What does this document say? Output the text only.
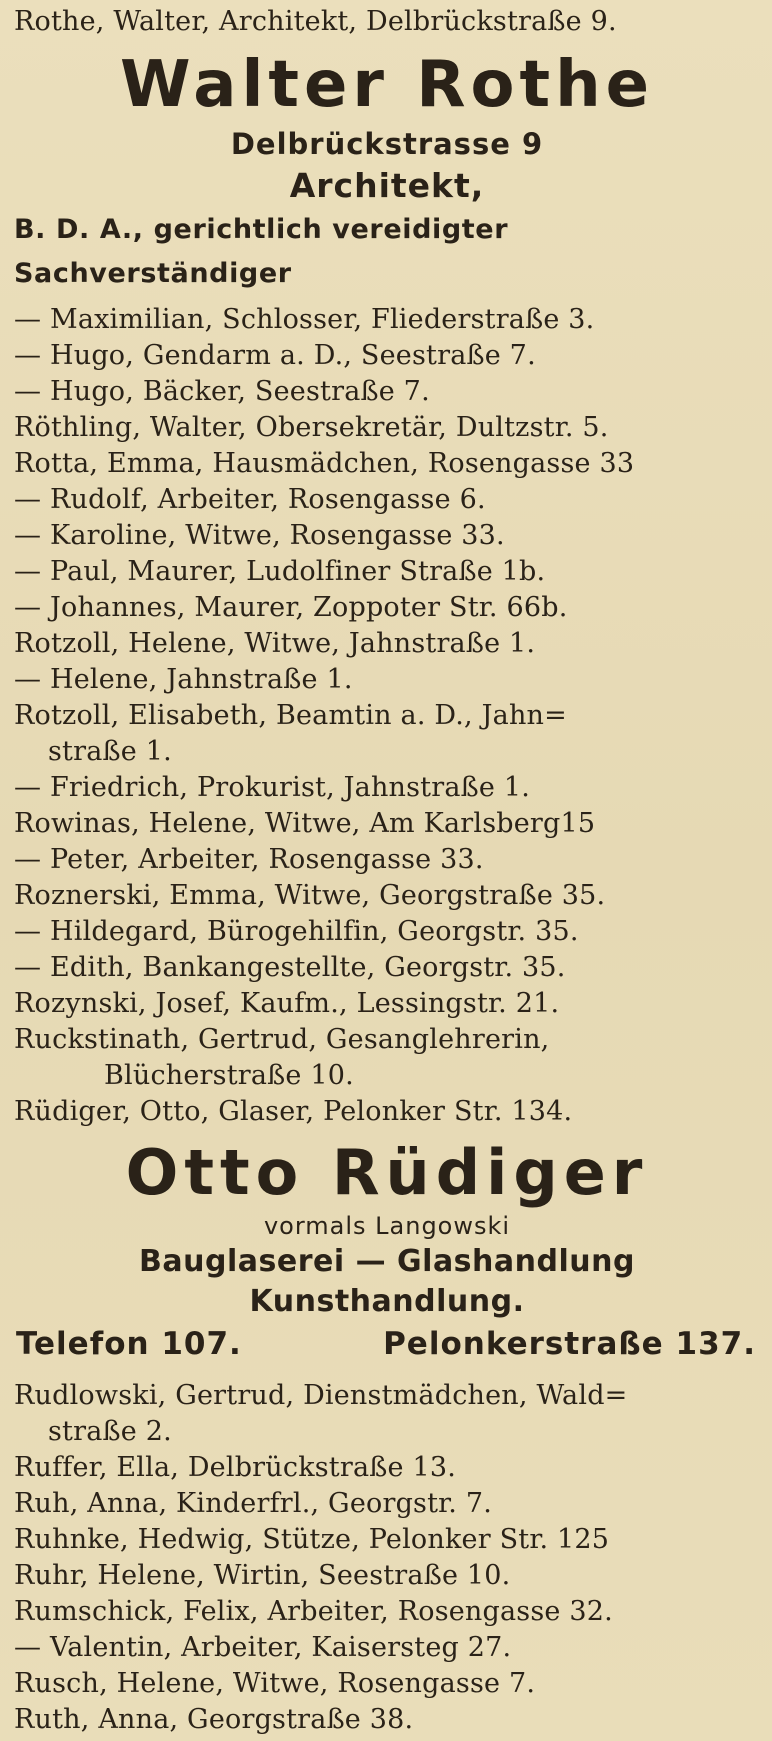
Rothe, Walter, Architekt, Delbrückstraße 9.
Walter Rothe
Delbrückstrasse 9
Architekt,
B. D. A., gerichtlich vereidigter Sachverständiger
— Maximilian, Schlosser, Fliederstraße 3.
— Hugo, Gendarm a. D., Seestraße 7.
— Hugo, Bäcker, Seestraße 7.
Röthling, Walter, Obersekretär, Dultzstr. 5.
Rotta, Emma, Hausmädchen, Rosengasse 33
— Rudolf, Arbeiter, Rosengasse 6.
— Karoline, Witwe, Rosengasse 33.
— Paul, Maurer, Ludolfiner Straße 1b.
— Johannes, Maurer, Zoppoter Str. 66b.
Rotzoll, Helene, Witwe, Jahnstraße 1.
— Helene, Jahnstraße 1.
Rotzoll, Elisabeth, Beamtin a. D., Jahn=
straße 1.
— Friedrich, Prokurist, Jahnstraße 1.
Rowinas, Helene, Witwe, Am Karlsberg15
— Peter, Arbeiter, Rosengasse 33.
Roznerski, Emma, Witwe, Georgstraße 35.
— Hildegard, Bürogehilfin, Georgstr. 35.
— Edith, Bankangestellte, Georgstr. 35.
Rozynski, Josef, Kaufm., Lessingstr. 21.
Ruckstinath, Gertrud, Gesanglehrerin,
Blücherstraße 10.
Rüdiger, Otto, Glaser, Pelonker Str. 134.
Otto Rüdiger
vormals Langowski
Bauglaserei — Glashandlung
Kunsthandlung.
Telefon 107.	Pelonkerstraße 137.
Rudlowski, Gertrud, Dienstmädchen, Wald=
straße 2.
Ruffer, Ella, Delbrückstraße 13.
Ruh, Anna, Kinderfrl., Georgstr. 7.
Ruhnke, Hedwig, Stütze, Pelonker Str. 125
Ruhr, Helene, Wirtin, Seestraße 10.
Rumschick, Felix, Arbeiter, Rosengasse 32.
— Valentin, Arbeiter, Kaisersteg 27.
Rusch, Helene, Witwe, Rosengasse 7.
Ruth, Anna, Georgstraße 38.
